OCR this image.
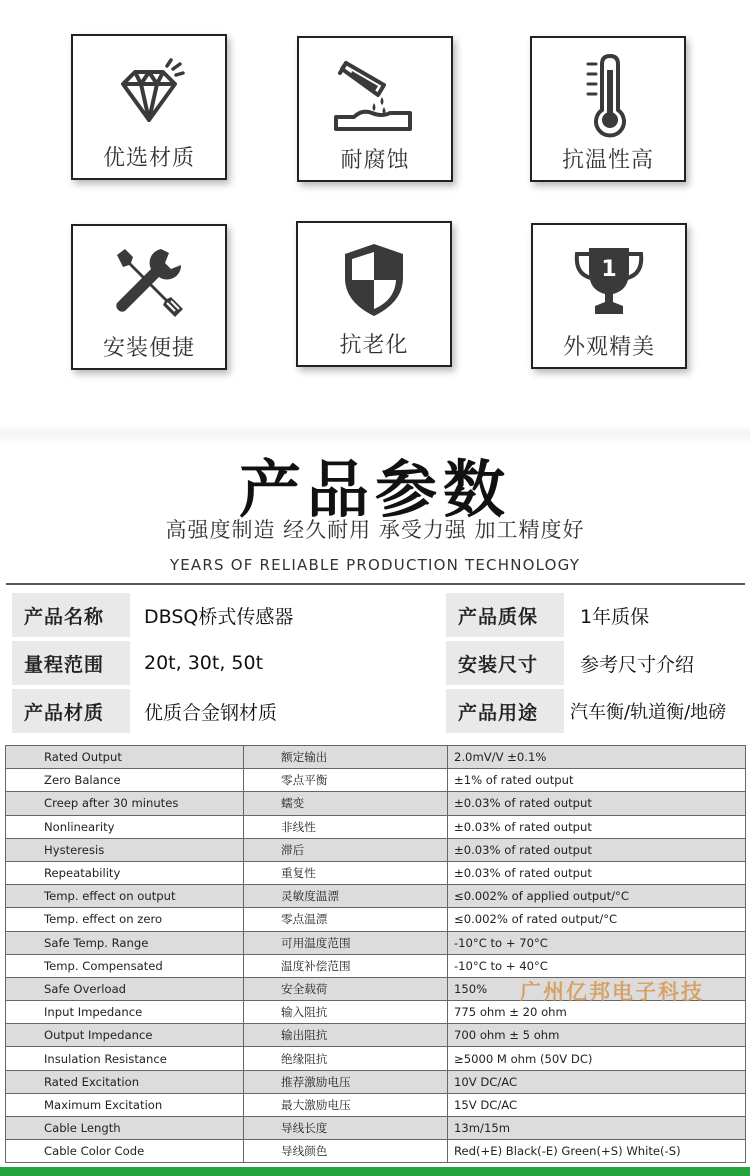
优选材质	耐腐蚀	抗温性高
安装便捷	抗老化
1
外观精美
产品参数
高强度制造 经久耐用 承受力强 加工精度好
YEARS OF RELIABLE PRODUCTION TECHNOLOGY
产品名称	DBSQ桥式传感器	产品质保	1年质保
量程范围	20t, 30t, 50t	安装尺寸	参考尺寸介绍
产品材质	优质合金钢材质	产品用途	汽车衡/轨道衡/地磅
Rated Output	额定输出	2.0mV/V ±0.1%
Zero Balance	零点平衡	±1% of rated output
Creep after 30 minutes	蠕变	±0.03% of rated output
Nonlinearity	非线性	±0.03% of rated output
Hysteresis	滞后	±0.03% of rated output
Repeatability	重复性	±0.03% of rated output
Temp. effect on output	灵敏度温漂	≤0.002% of applied output/°C
Temp. effect on zero	零点温漂	≤0.002% of rated output/°C
Safe Temp. Range	可用温度范围	-10°C to + 70°C
Temp. Compensated	温度补偿范围	-10°C to + 40°C
Safe Overload	安全载荷	150%
Input Impedance	输入阻抗	775 ohm ± 20 ohm
Output Impedance	输出阻抗	700 ohm ± 5 ohm
Insulation Resistance	绝缘阻抗	≥5000 M ohm (50V DC)
Rated Excitation	推荐激励电压	10V DC/AC
Maximum Excitation	最大激励电压	15V DC/AC
Cable Length	导线长度	13m/15m
Cable Color Code	导线颜色	Red(+E) Black(-E) Green(+S) White(-S)
广州亿邦电子科技
